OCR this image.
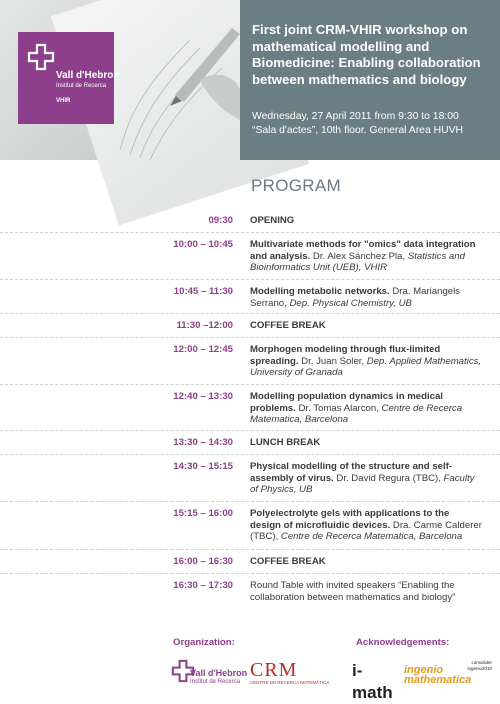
Vall d'Hebron
Institut de Recerca
VHIR
First joint CRM-VHIR workshop on mathematical modelling and Biomedicine: Enabling collaboration between mathematics and biology
Wednesday, 27 April 2011 from 9:30 to 18:00
“Sala d'actes”, 10th floor. General Area HUVH
PROGRAM
09:30 OPENING
10:00 – 10:45 Multivariate methods for "omics" data integration and analysis. Dr. Alex Sánchez Pla, Statistics and Bioinformatics Unit (UEB), VHIR
10:45 – 11:30 Modelling metabolic networks. Dra. Mariangels Serrano, Dep. Physical Chemistry, UB
11:30 –12:00 COFFEE BREAK
12:00 – 12:45 Morphogen modeling through flux-limited spreading. Dr. Juan Soler, Dep. Applied Mathematics, University of Granada
12:40 – 13:30 Modelling population dynamics in medical problems. Dr. Tomas Alarcon, Centre de Recerca Matematica, Barcelona
13:30 – 14:30 LUNCH BREAK
14:30 – 15:15 Physical modelling of the structure and self-assembly of virus. Dr. David Regura (TBC), Faculty of Physics, UB
15:15 – 16:00 Polyelectrolyte gels with applications to the design of microfluidic devices. Dra. Carme Calderer (TBC), Centre de Recerca Matematica, Barcelona
16:00 – 16:30 COFFEE BREAK
16:30 – 17:30 Round Table with invited speakers “Enabling the collaboration between mathematics and biology”
Organization:	Acknowledgements:
Vall d'Hebron
Institut de Recerca
CRM
CENTRE DE RECERCA MATEMÀTICA
i-math
ingenio mathematica
consolider
ingenio2010
